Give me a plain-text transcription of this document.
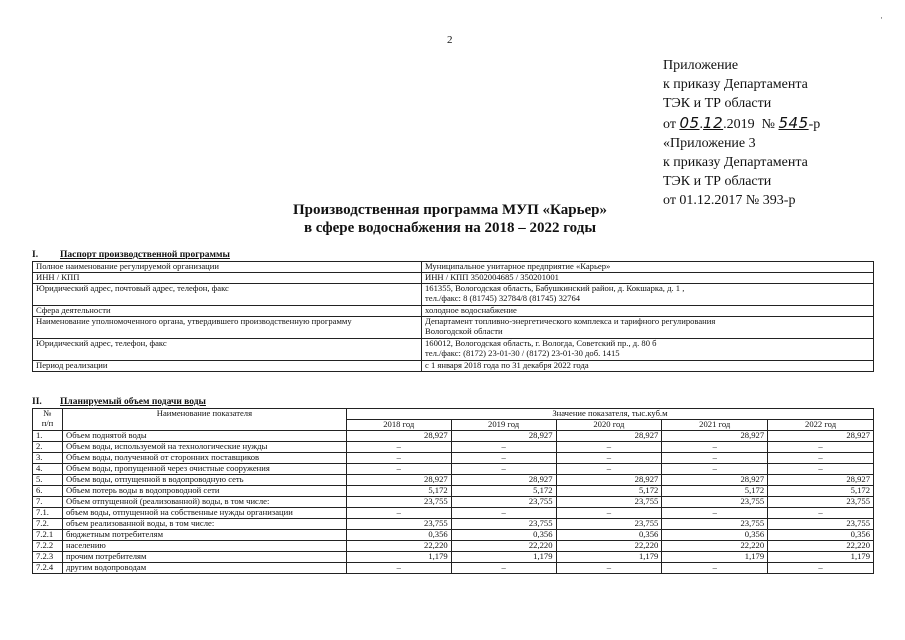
2
·
Приложение
к приказу Департамента
ТЭК и ТР области
от 05.12.2019 № 545-р
«Приложение 3
к приказу Департамента
ТЭК и ТР области
от 01.12.2017 № 393-р
Производственная программа МУП «Карьер»
в сфере водоснабжения на 2018 – 2022 годы
I. Паспорт производственной программы
Полное наименование регулируемой организации	Муниципальное унитарное предприятие «Карьер»
ИНН / КПП	ИНН / КПП 3502004685 / 350201001
Юридический адрес, почтовый адрес, телефон, факс	161355, Вологодская область, Бабушкинский район, д. Кокшарка, д. 1 ,
тел./факс: 8 (81745) 32784/8 (81745) 32764

Сфера деятельности	холодное водоснабжение
Наименование уполномоченного органа, утвердившего производственную программу	Департамент топливно-энергетического комплекса и тарифного регулирования
Вологодской области

Юридический адрес, телефон, факс	160012, Вологодская область, г. Вологда, Советский пр., д. 80 б
тел./факс: (8172) 23-01-30 / (8172) 23-01-30 доб. 1415

Период реализации	с 1 января 2018 года по 31 декабря 2022 года
II. Планируемый объем подачи воды
№
п/п	Наименование показателя	Значение показателя, тыс.куб.м				
		2018 год	2019 год	2020 год	2021 год	2022 год
1.	Объем поднятой воды	28,927	28,927	28,927	28,927	28,927
2.	Объем воды, используемой на технологические нужды	–	–	–	–	–
3.	Объем воды, полученной от сторонних поставщиков	–	–	–	–	–
4.	Объем воды, пропущенной через очистные сооружения	–	–	–	–	–
5.	Объем воды, отпущенной в водопроводную сеть	28,927	28,927	28,927	28,927	28,927
6.	Объем потерь воды в водопроводной сети	5,172	5,172	5,172	5,172	5,172
7.	Объем отпущенной (реализованной) воды, в том числе:	23,755	23,755	23,755	23,755	23,755
7.1.	объем воды, отпущенной на собственные нужды организации	–	–	–	–	–
7.2.	объем реализованной воды, в том числе:	23,755	23,755	23,755	23,755	23,755
7.2.1	бюджетным потребителям	0,356	0,356	0,356	0,356	0,356
7.2.2	населению	22,220	22,220	22,220	22,220	22,220
7.2.3	прочим потребителям	1,179	1,179	1,179	1,179	1,179
7.2.4	другим водопроводам	–	–	–	–	–
